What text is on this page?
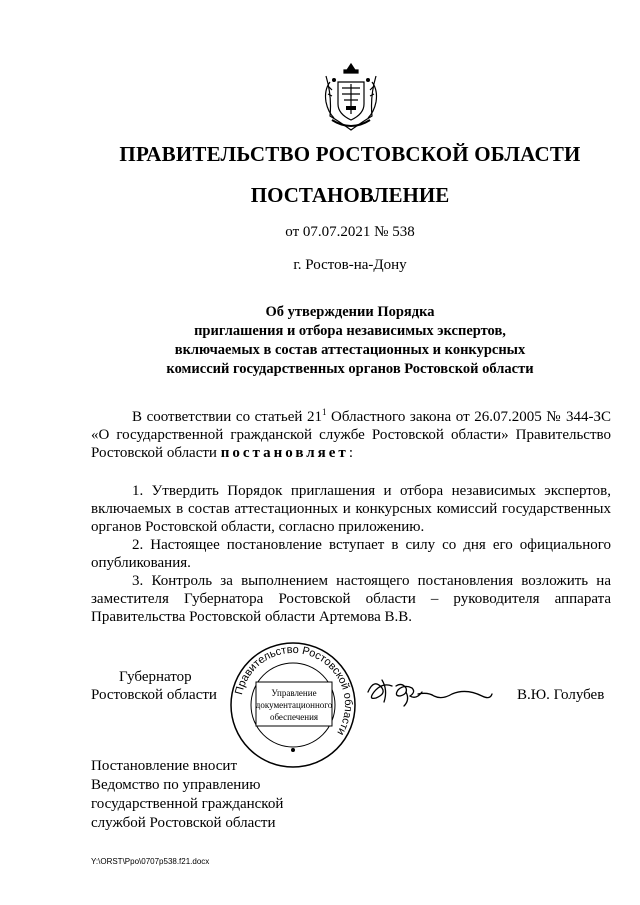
ПРАВИТЕЛЬСТВО РОСТОВСКОЙ ОБЛАСТИ
ПОСТАНОВЛЕНИЕ
от 07.07.2021 № 538
г. Ростов-на-Дону
Об утверждении Порядка
приглашения и отбора независимых экспертов,
включаемых в состав аттестационных и конкурсных
комиссий государственных органов Ростовской области

В соответствии со статьей $21^1$ Областного закона от 26.07.2005 № 344-ЗС «О государственной гражданской службе Ростовской области» Правительство Ростовской области постановляет:

1. Утвердить Порядок приглашения и отбора независимых экспертов, включаемых в состав аттестационных и конкурсных комиссий государственных органов Ростовской области, согласно приложению.

2. Настоящее постановление вступает в силу со дня его официального опубликования.

3. Контроль за выполнением настоящего постановления возложить на заместителя Губернатора Ростовской области – руководителя аппарата Правительства Ростовской области Артемова В.В.

Губернатор
Ростовской области Правительство Ростовской области
Управление
документационного
обеспечения
В.Ю. Голубев
Постановление вносит
Ведомство по управлению
государственной гражданской
службой Ростовской области
Y:\ORST\Ppo\0707p538.f21.docx
